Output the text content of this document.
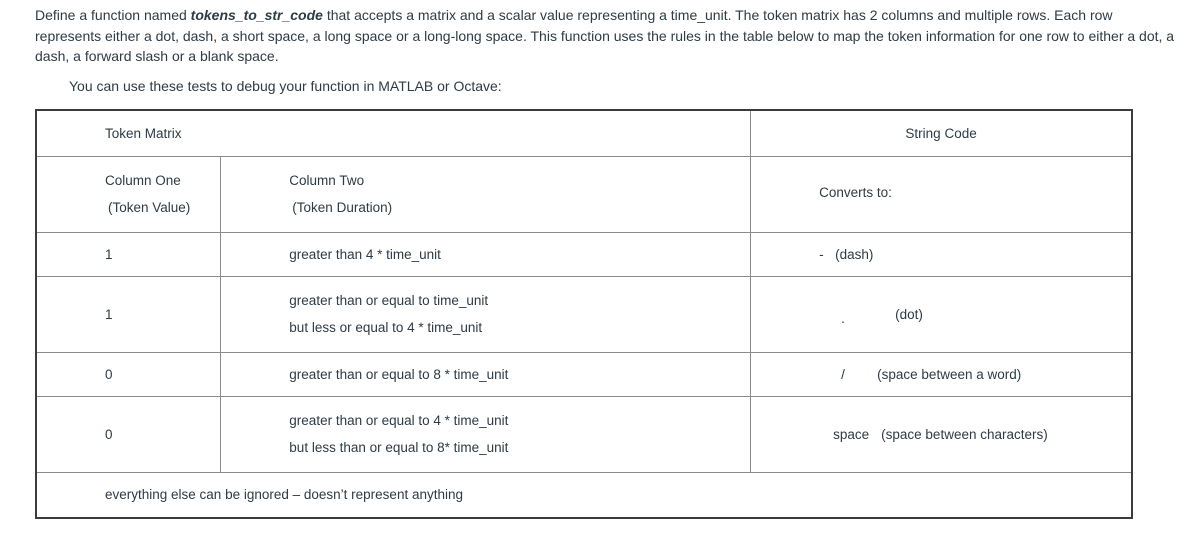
Define a function named tokens_to_str_code that accepts a matrix and a scalar value representing a time_unit. The token matrix has 2 columns and multiple rows. Each row represents either a dot, dash, a short space, a long space or a long-long space. This function uses the rules in the table below to map the token information for one row to either a dot, a dash, a forward slash or a blank space.

You can use these tests to debug your function in MATLAB or Octave:

Token Matrix		String Code

Column One
(Token Value)	Column Two
(Token Duration)	Converts to:
1	greater than 4 * time_unit	- (dash)
1	greater than or equal to time_unit
but less or equal to 4 * time_unit	. (dot)
0	greater than or equal to 8 * time_unit	/ (space between a word)
0	greater than or equal to 4 * time_unit
but less than or equal to 8* time_unit	space (space between characters)
everything else can be ignored – doesn’t represent anything		
